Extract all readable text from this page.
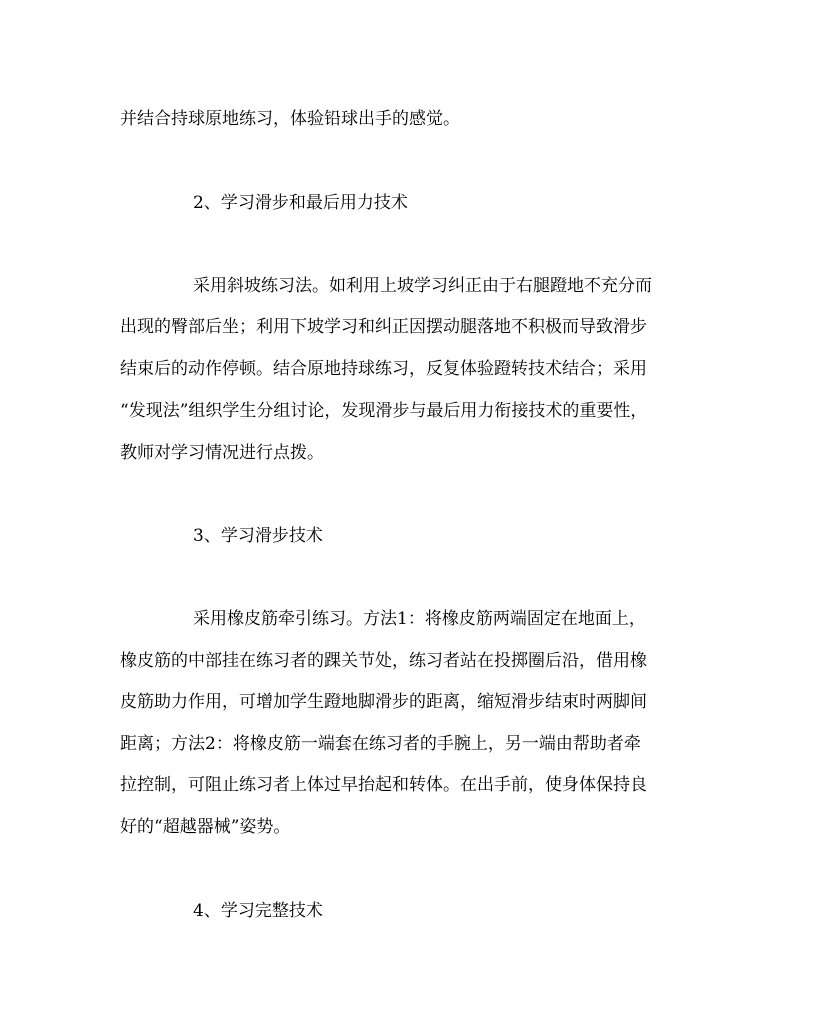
并结合持球原地练习，体验铅球出手的感觉。
2、学习滑步和最后用力技术
采用斜坡练习法。如利用上坡学习纠正由于右腿蹬地不充分而
出现的臀部后坐；利用下坡学习和纠正因摆动腿落地不积极而导致滑步
结束后的动作停顿。结合原地持球练习，反复体验蹬转技术结合；采用
“发现法”组织学生分组讨论，发现滑步与最后用力衔接技术的重要性，
教师对学习情况进行点拨。
3、学习滑步技术
采用橡皮筋牵引练习。方法1：将橡皮筋两端固定在地面上，
橡皮筋的中部挂在练习者的踝关节处，练习者站在投掷圈后沿，借用橡
皮筋助力作用，可增加学生蹬地脚滑步的距离，缩短滑步结束时两脚间
距离；方法2：将橡皮筋一端套在练习者的手腕上，另一端由帮助者牵
拉控制，可阻止练习者上体过早抬起和转体。在出手前，使身体保持良
好的“超越器械”姿势。
4、学习完整技术
